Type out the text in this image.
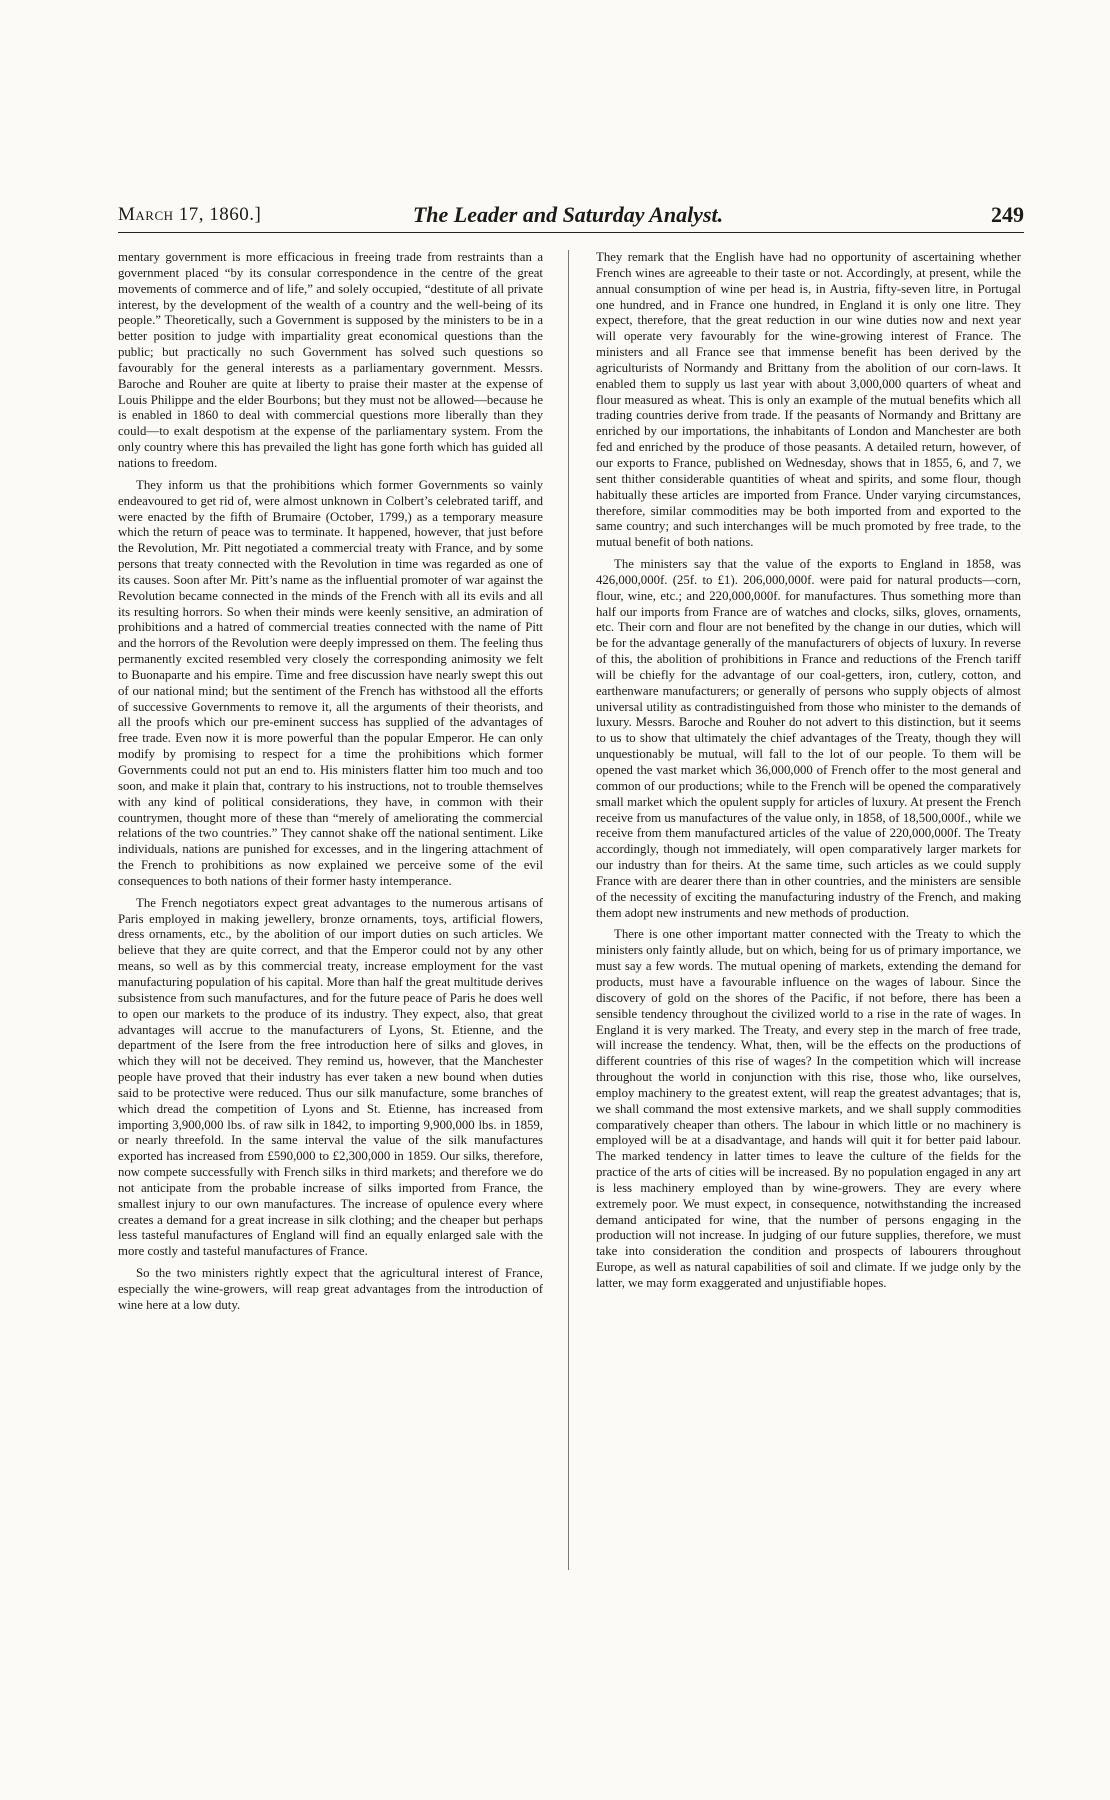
March 17, 1860.]	The Leader and Saturday Analyst.	249

mentary government is more efficacious in freeing trade from restraints than a government placed “by its consular correspondence in the centre of the great movements of commerce and of life,” and solely occupied, “destitute of all private interest, by the development of the wealth of a country and the well-being of its people.” Theoretically, such a Government is supposed by the ministers to be in a better position to judge with impartiality great economical questions than the public; but practically no such Government has solved such questions so favourably for the general interests as a parliamentary government. Messrs. Baroche and Rouher are quite at liberty to praise their master at the expense of Louis Philippe and the elder Bourbons; but they must not be allowed—because he is enabled in 1860 to deal with commercial questions more liberally than they could—to exalt despotism at the expense of the parliamentary system. From the only country where this has prevailed the light has gone forth which has guided all nations to freedom.

They inform us that the prohibitions which former Governments so vainly endeavoured to get rid of, were almost unknown in Colbert’s celebrated tariff, and were enacted by the fifth of Brumaire (October, 1799,) as a temporary measure which the return of peace was to terminate. It happened, however, that just before the Revolution, Mr. Pitt negotiated a commercial treaty with France, and by some persons that treaty connected with the Revolution in time was regarded as one of its causes. Soon after Mr. Pitt’s name as the influential promoter of war against the Revolution became connected in the minds of the French with all its evils and all its resulting horrors. So when their minds were keenly sensitive, an admiration of prohibitions and a hatred of commercial treaties connected with the name of Pitt and the horrors of the Revolution were deeply impressed on them. The feeling thus permanently excited resembled very closely the corresponding animosity we felt to Buonaparte and his empire. Time and free discussion have nearly swept this out of our national mind; but the sentiment of the French has withstood all the efforts of successive Governments to remove it, all the arguments of their theorists, and all the proofs which our pre-eminent success has supplied of the advantages of free trade. Even now it is more powerful than the popular Emperor. He can only modify by promising to respect for a time the prohibitions which former Governments could not put an end to. His ministers flatter him too much and too soon, and make it plain that, contrary to his instructions, not to trouble themselves with any kind of political considerations, they have, in common with their countrymen, thought more of these than “merely of ameliorating the commercial relations of the two countries.” They cannot shake off the national sentiment. Like individuals, nations are punished for excesses, and in the lingering attachment of the French to prohibitions as now explained we perceive some of the evil consequences to both nations of their former hasty intemperance.

The French negotiators expect great advantages to the numerous artisans of Paris employed in making jewellery, bronze ornaments, toys, artificial flowers, dress ornaments, etc., by the abolition of our import duties on such articles. We believe that they are quite correct, and that the Emperor could not by any other means, so well as by this commercial treaty, increase employment for the vast manufacturing population of his capital. More than half the great multitude derives subsistence from such manufactures, and for the future peace of Paris he does well to open our markets to the produce of its industry. They expect, also, that great advantages will accrue to the manufacturers of Lyons, St. Etienne, and the department of the Isere from the free introduction here of silks and gloves, in which they will not be deceived. They remind us, however, that the Manchester people have proved that their industry has ever taken a new bound when duties said to be protective were reduced. Thus our silk manufacture, some branches of which dread the competition of Lyons and St. Etienne, has increased from importing 3,900,000 lbs. of raw silk in 1842, to importing 9,900,000 lbs. in 1859, or nearly threefold. In the same interval the value of the silk manufactures exported has increased from £590,000 to £2,300,000 in 1859. Our silks, therefore, now compete successfully with French silks in third markets; and therefore we do not anticipate from the probable increase of silks imported from France, the smallest injury to our own manufactures. The increase of opulence every where creates a demand for a great increase in silk clothing; and the cheaper but perhaps less tasteful manufactures of England will find an equally enlarged sale with the more costly and tasteful manufactures of France.

So the two ministers rightly expect that the agricultural interest of France, especially the wine-growers, will reap great advantages from the introduction of wine here at a low duty.

They remark that the English have had no opportunity of ascertaining whether French wines are agreeable to their taste or not. Accordingly, at present, while the annual consumption of wine per head is, in Austria, fifty-seven litre, in Portugal one hundred, and in France one hundred, in England it is only one litre. They expect, therefore, that the great reduction in our wine duties now and next year will operate very favourably for the wine-growing interest of France. The ministers and all France see that immense benefit has been derived by the agriculturists of Normandy and Brittany from the abolition of our corn-laws. It enabled them to supply us last year with about 3,000,000 quarters of wheat and flour measured as wheat. This is only an example of the mutual benefits which all trading countries derive from trade. If the peasants of Normandy and Brittany are enriched by our importations, the inhabitants of London and Manchester are both fed and enriched by the produce of those peasants. A detailed return, however, of our exports to France, published on Wednesday, shows that in 1855, 6, and 7, we sent thither considerable quantities of wheat and spirits, and some flour, though habitually these articles are imported from France. Under varying circumstances, therefore, similar commodities may be both imported from and exported to the same country; and such interchanges will be much promoted by free trade, to the mutual benefit of both nations.

The ministers say that the value of the exports to England in 1858, was 426,000,000f. (25f. to £1). 206,000,000f. were paid for natural products—corn, flour, wine, etc.; and 220,000,000f. for manufactures. Thus something more than half our imports from France are of watches and clocks, silks, gloves, ornaments, etc. Their corn and flour are not benefited by the change in our duties, which will be for the advantage generally of the manufacturers of objects of luxury. In reverse of this, the abolition of prohibitions in France and reductions of the French tariff will be chiefly for the advantage of our coal-getters, iron, cutlery, cotton, and earthenware manufacturers; or generally of persons who supply objects of almost universal utility as contradistinguished from those who minister to the demands of luxury. Messrs. Baroche and Rouher do not advert to this distinction, but it seems to us to show that ultimately the chief advantages of the Treaty, though they will unquestionably be mutual, will fall to the lot of our people. To them will be opened the vast market which 36,000,000 of French offer to the most general and common of our productions; while to the French will be opened the comparatively small market which the opulent supply for articles of luxury. At present the French receive from us manufactures of the value only, in 1858, of 18,500,000f., while we receive from them manufactured articles of the value of 220,000,000f. The Treaty accordingly, though not immediately, will open comparatively larger markets for our industry than for theirs. At the same time, such articles as we could supply France with are dearer there than in other countries, and the ministers are sensible of the necessity of exciting the manufacturing industry of the French, and making them adopt new instruments and new methods of production.

There is one other important matter connected with the Treaty to which the ministers only faintly allude, but on which, being for us of primary importance, we must say a few words. The mutual opening of markets, extending the demand for products, must have a favourable influence on the wages of labour. Since the discovery of gold on the shores of the Pacific, if not before, there has been a sensible tendency throughout the civilized world to a rise in the rate of wages. In England it is very marked. The Treaty, and every step in the march of free trade, will increase the tendency. What, then, will be the effects on the productions of different countries of this rise of wages? In the competition which will increase throughout the world in conjunction with this rise, those who, like ourselves, employ machinery to the greatest extent, will reap the greatest advantages; that is, we shall command the most extensive markets, and we shall supply commodities comparatively cheaper than others. The labour in which little or no machinery is employed will be at a disadvantage, and hands will quit it for better paid labour. The marked tendency in latter times to leave the culture of the fields for the practice of the arts of cities will be increased. By no population engaged in any art is less machinery employed than by wine-growers. They are every where extremely poor. We must expect, in consequence, notwithstanding the increased demand anticipated for wine, that the number of persons engaging in the production will not increase. In judging of our future supplies, therefore, we must take into consideration the condition and prospects of labourers throughout Europe, as well as natural capabilities of soil and climate. If we judge only by the latter, we may form exaggerated and unjustifiable hopes.
